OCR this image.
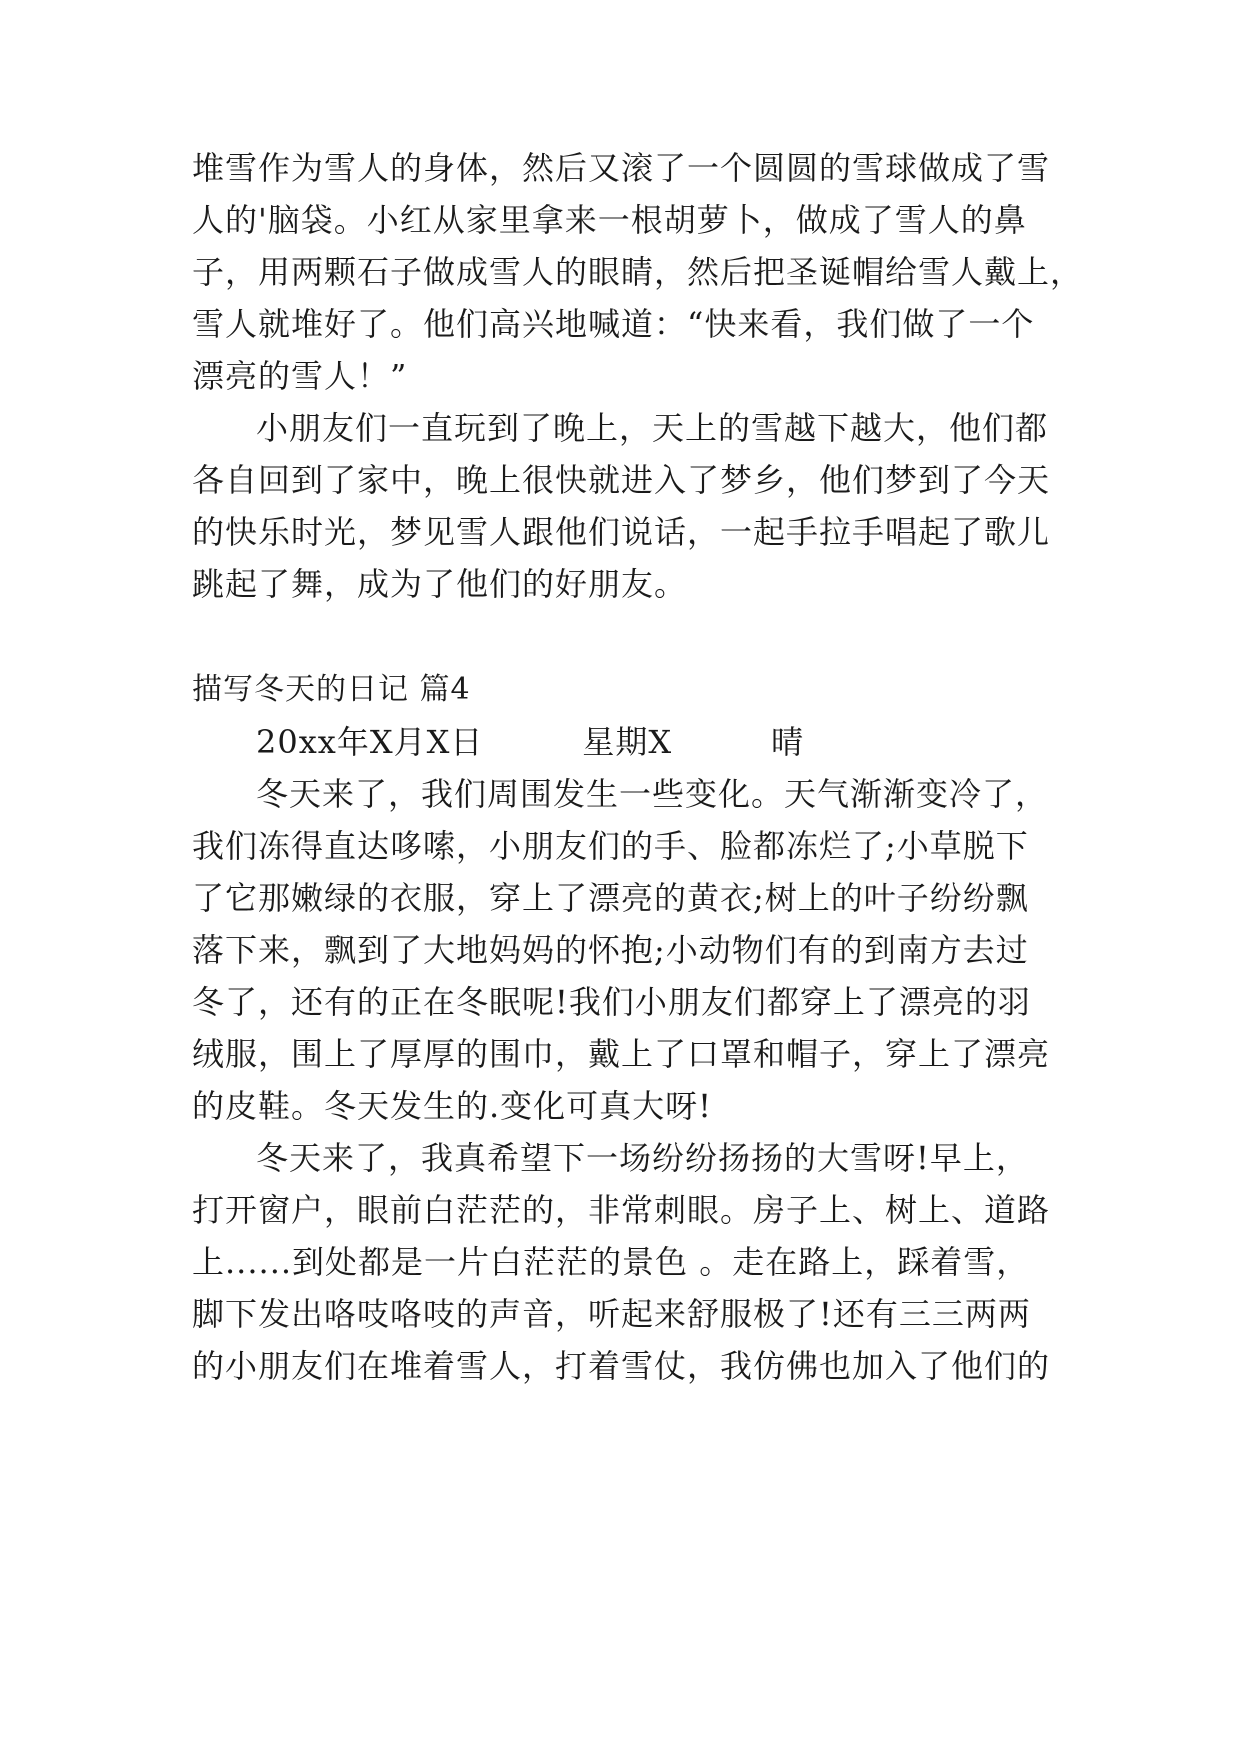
堆雪作为雪人的身体，然后又滚了一个圆圆的雪球做成了雪
人的'脑袋。小红从家里拿来一根胡萝卜，做成了雪人的鼻
子，用两颗石子做成雪人的眼睛，然后把圣诞帽给雪人戴上，
雪人就堆好了。他们高兴地喊道：“快来看，我们做了一个
漂亮的雪人！”
小朋友们一直玩到了晚上，天上的雪越下越大，他们都
各自回到了家中，晚上很快就进入了梦乡，他们梦到了今天
的快乐时光，梦见雪人跟他们说话，一起手拉手唱起了歌儿
跳起了舞，成为了他们的好朋友。
描写冬天的日记 篇4
20xx年X月X日　　　星期X　　　晴
冬天来了，我们周围发生一些变化。天气渐渐变冷了，
我们冻得直达哆嗦，小朋友们的手、脸都冻烂了;小草脱下
了它那嫩绿的衣服，穿上了漂亮的黄衣;树上的叶子纷纷飘
落下来，飘到了大地妈妈的怀抱;小动物们有的到南方去过
冬了，还有的正在冬眠呢!我们小朋友们都穿上了漂亮的羽
绒服，围上了厚厚的围巾，戴上了口罩和帽子，穿上了漂亮
的皮鞋。冬天发生的.变化可真大呀!
冬天来了，我真希望下一场纷纷扬扬的大雪呀!早上，
打开窗户，眼前白茫茫的，非常刺眼。房子上、树上、道路
上......到处都是一片白茫茫的景色 。走在路上，踩着雪，
脚下发出咯吱咯吱的声音，听起来舒服极了!还有三三两两
的小朋友们在堆着雪人，打着雪仗，我仿佛也加入了他们的
